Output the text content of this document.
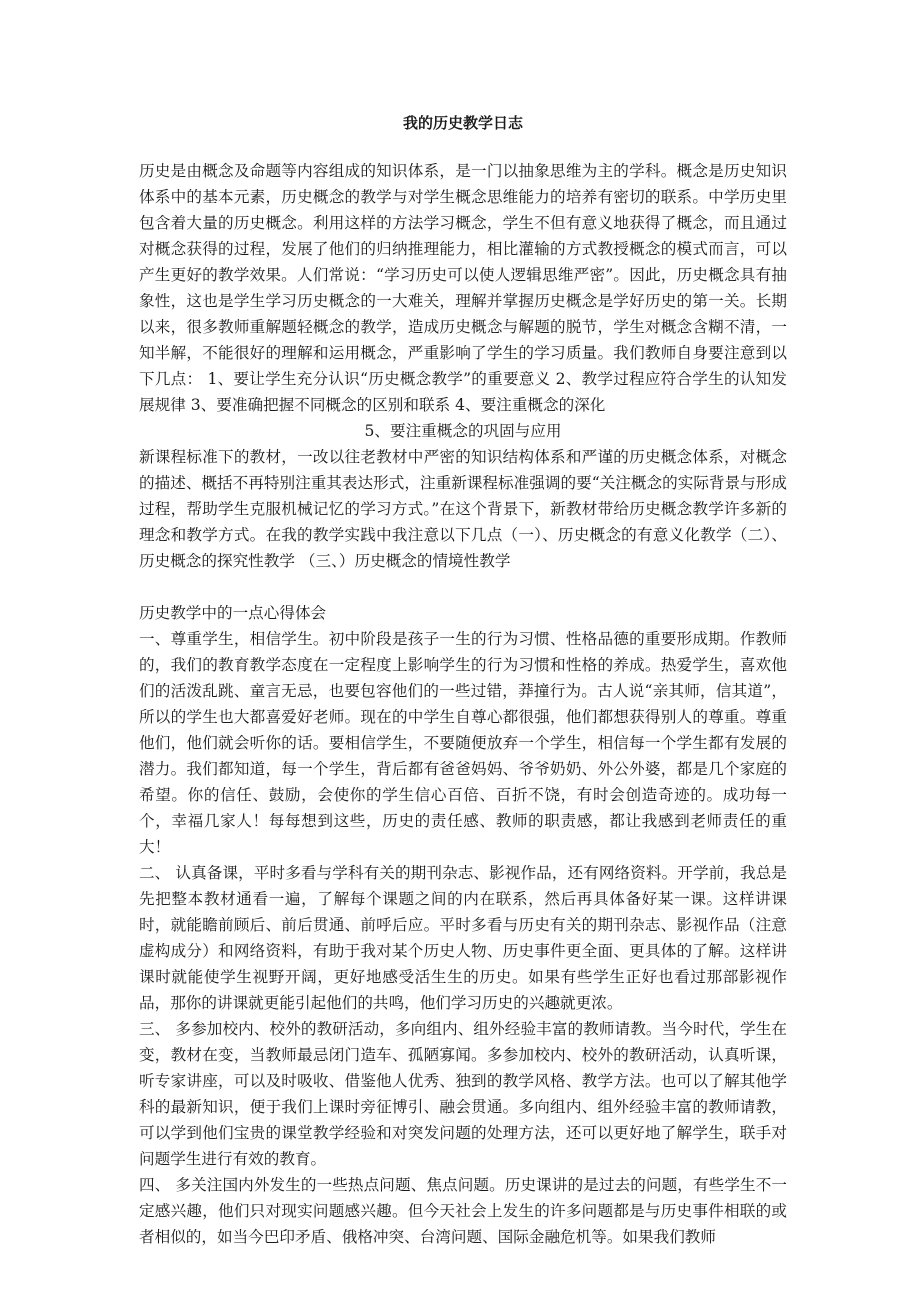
我的历史教学日志

历史是由概念及命题等内容组成的知识体系，是一门以抽象思维为主的学科。概念是历史知识体系中的基本元素，历史概念的教学与对学生概念思维能力的培养有密切的联系。中学历史里包含着大量的历史概念。利用这样的方法学习概念，学生不但有意义地获得了概念，而且通过对概念获得的过程，发展了他们的归纳推理能力，相比灌输的方式教授概念的模式而言，可以产生更好的教学效果。人们常说：“学习历史可以使人逻辑思维严密”。因此，历史概念具有抽象性，这也是学生学习历史概念的一大难关，理解并掌握历史概念是学好历史的第一关。长期以来，很多教师重解题轻概念的教学，造成历史概念与解题的脱节，学生对概念含糊不清，一知半解，不能很好的理解和运用概念，严重影响了学生的学习质量。我们教师自身要注意到以下几点： 1、要让学生充分认识“历史概念教学”的重要意义 2、教学过程应符合学生的认知发展规律 3、要准确把握不同概念的区别和联系 4、要注重概念的深化

5、要注重概念的巩固与应用

新课程标准下的教材，一改以往老教材中严密的知识结构体系和严谨的历史概念体系，对概念的描述、概括不再特别注重其表达形式，注重新课程标准强调的要“关注概念的实际背景与形成过程，帮助学生克服机械记忆的学习方式。”在这个背景下，新教材带给历史概念教学许多新的理念和教学方式。在我的教学实践中我注意以下几点（一）、历史概念的有意义化教学（二）、历史概念的探究性教学 （三、）历史概念的情境性教学

历史教学中的一点心得体会

一、尊重学生，相信学生。初中阶段是孩子一生的行为习惯、性格品德的重要形成期。作教师的，我们的教育教学态度在一定程度上影响学生的行为习惯和性格的养成。热爱学生，喜欢他们的活泼乱跳、童言无忌，也要包容他们的一些过错，莽撞行为。古人说“亲其师，信其道”，所以的学生也大都喜爱好老师。现在的中学生自尊心都很强，他们都想获得别人的尊重。尊重他们，他们就会听你的话。要相信学生，不要随便放弃一个学生，相信每一个学生都有发展的潜力。我们都知道，每一个学生，背后都有爸爸妈妈、爷爷奶奶、外公外婆，都是几个家庭的希望。你的信任、鼓励，会使你的学生信心百倍、百折不饶，有时会创造奇迹的。成功每一个，幸福几家人！每每想到这些，历史的责任感、教师的职责感，都让我感到老师责任的重大！

二、 认真备课，平时多看与学科有关的期刊杂志、影视作品，还有网络资料。开学前，我总是先把整本教材通看一遍，了解每个课题之间的内在联系，然后再具体备好某一课。这样讲课时，就能瞻前顾后、前后贯通、前呼后应。平时多看与历史有关的期刊杂志、影视作品（注意虚构成分）和网络资料，有助于我对某个历史人物、历史事件更全面、更具体的了解。这样讲课时就能使学生视野开阔，更好地感受活生生的历史。如果有些学生正好也看过那部影视作品，那你的讲课就更能引起他们的共鸣，他们学习历史的兴趣就更浓。

三、 多参加校内、校外的教研活动，多向组内、组外经验丰富的教师请教。当今时代，学生在变，教材在变，当教师最忌闭门造车、孤陋寡闻。多参加校内、校外的教研活动，认真听课，听专家讲座，可以及时吸收、借鉴他人优秀、独到的教学风格、教学方法。也可以了解其他学科的最新知识，便于我们上课时旁征博引、融会贯通。多向组内、组外经验丰富的教师请教，可以学到他们宝贵的课堂教学经验和对突发问题的处理方法，还可以更好地了解学生，联手对问题学生进行有效的教育。

四、 多关注国内外发生的一些热点问题、焦点问题。历史课讲的是过去的问题，有些学生不一定感兴趣，他们只对现实问题感兴趣。但今天社会上发生的许多问题都是与历史事件相联的或者相似的，如当今巴印矛盾、俄格冲突、台湾问题、国际金融危机等。如果我们教师
